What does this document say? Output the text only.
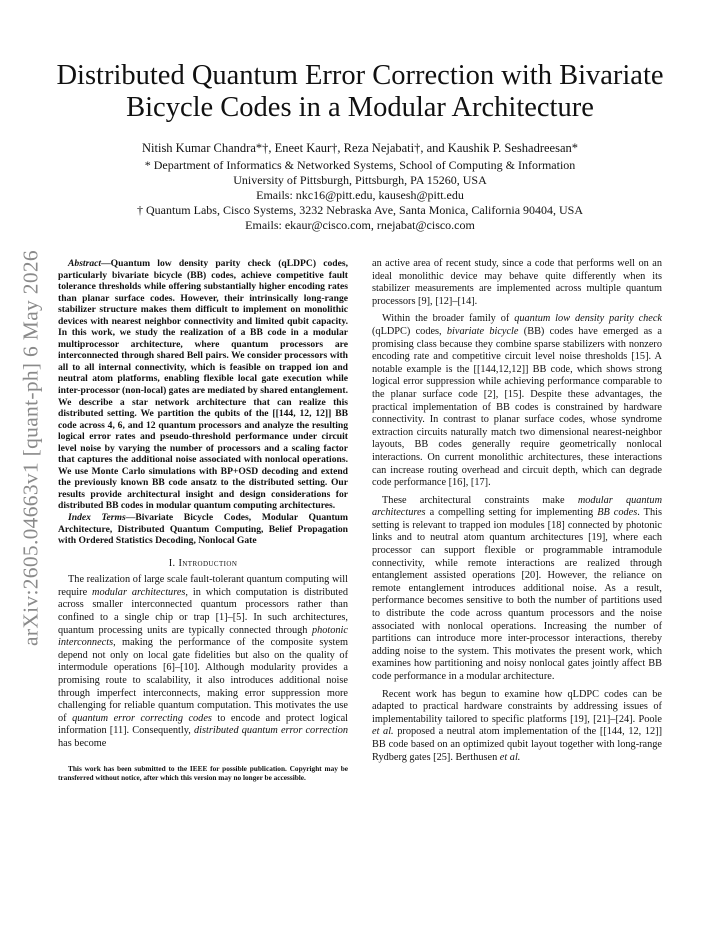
arXiv:2605.04663v1 [quant-ph] 6 May 2026
Distributed Quantum Error Correction with Bivariate
Bicycle Codes in a Modular Architecture
Nitish Kumar Chandra*†, Eneet Kaur†, Reza Nejabati†, and Kaushik P. Seshadreesan*
* Department of Informatics & Networked Systems, School of Computing & Information
University of Pittsburgh, Pittsburgh, PA 15260, USA
Emails: nkc16@pitt.edu, kausesh@pitt.edu
† Quantum Labs, Cisco Systems, 3232 Nebraska Ave, Santa Monica, California 90404, USA
Emails: ekaur@cisco.com, rnejabat@cisco.com

Abstract—Quantum low density parity check (qLDPC) codes, particularly bivariate bicycle (BB) codes, achieve competitive fault tolerance thresholds while offering substantially higher encoding rates than planar surface codes. However, their intrinsically long-range stabilizer structure makes them difficult to implement on monolithic devices with nearest neighbor connectivity and limited qubit capacity. In this work, we study the realization of a BB code in a modular multiprocessor architecture, where quantum processors are interconnected through shared Bell pairs. We consider processors with all to all internal connectivity, which is feasible on trapped ion and neutral atom platforms, enabling flexible local gate execution while inter-processor (non-local) gates are mediated by shared entanglement. We describe a star network architecture that can realize this distributed setting. We partition the qubits of the [[144, 12, 12]] BB code across 4, 6, and 12 quantum processors and analyze the resulting logical error rates and pseudo-threshold performance under circuit level noise by varying the number of processors and a scaling factor that captures the additional noise associated with nonlocal operations. We use Monte Carlo simulations with BP+OSD decoding and extend the previously known BB code ansatz to the distributed setting. Our results provide architectural insight and design considerations for distributed BB codes in modular quantum computing architectures.

Index Terms—Bivariate Bicycle Codes, Modular Quantum Architecture, Distributed Quantum Computing, Belief Propagation with Ordered Statistics Decoding, Nonlocal Gate

I. Introduction

The realization of large scale fault-tolerant quantum computing will require modular architectures, in which computation is distributed across smaller interconnected quantum processors rather than confined to a single chip or trap [1]–[5]. In such architectures, quantum processing units are typically connected through photonic interconnects, making the performance of the composite system depend not only on local gate fidelities but also on the quality of intermodule operations [6]–[10]. Although modularity provides a promising route to scalability, it also introduces additional noise through imperfect interconnects, making error suppression more challenging for reliable quantum computation. This motivates the use of quantum error correcting codes to encode and protect logical information [11]. Consequently, distributed quantum error correction has become

This work has been submitted to the IEEE for possible publication. Copyright may be transferred without notice, after which this version may no longer be accessible.

an active area of recent study, since a code that performs well on an ideal monolithic device may behave quite differently when its stabilizer measurements are implemented across multiple quantum processors [9], [12]–[14].

Within the broader family of quantum low density parity check (qLDPC) codes, bivariate bicycle (BB) codes have emerged as a promising class because they combine sparse stabilizers with nonzero encoding rate and competitive circuit level noise thresholds [15]. A notable example is the [[144,12,12]] BB code, which shows strong logical error suppression while achieving performance comparable to the planar surface code [2], [15]. Despite these advantages, the practical implementation of BB codes is constrained by hardware connectivity. In contrast to planar surface codes, whose syndrome extraction circuits naturally match two dimensional nearest-neighbor layouts, BB codes generally require geometrically nonlocal interactions. On current monolithic architectures, these interactions can increase routing overhead and circuit depth, which can degrade code performance [16], [17].

These architectural constraints make modular quantum architectures a compelling setting for implementing BB codes. This setting is relevant to trapped ion modules [18] connected by photonic links and to neutral atom quantum architectures [19], where each processor can support flexible or programmable intramodule connectivity, while remote interactions are realized through entanglement assisted operations [20]. However, the reliance on remote entanglement introduces additional noise. As a result, performance becomes sensitive to both the number of partitions used to distribute the code across quantum processors and the noise associated with nonlocal operations. Increasing the number of partitions can introduce more inter-processor interactions, thereby adding noise to the system. This motivates the present work, which examines how partitioning and noisy nonlocal gates jointly affect BB code performance in a modular architecture.

Recent work has begun to examine how qLDPC codes can be adapted to practical hardware constraints by addressing issues of implementability tailored to specific platforms [19], [21]–[24]. Poole et al. proposed a neutral atom implementation of the [[144, 12, 12]] BB code based on an optimized qubit layout together with long-range Rydberg gates [25]. Berthusen et al.
